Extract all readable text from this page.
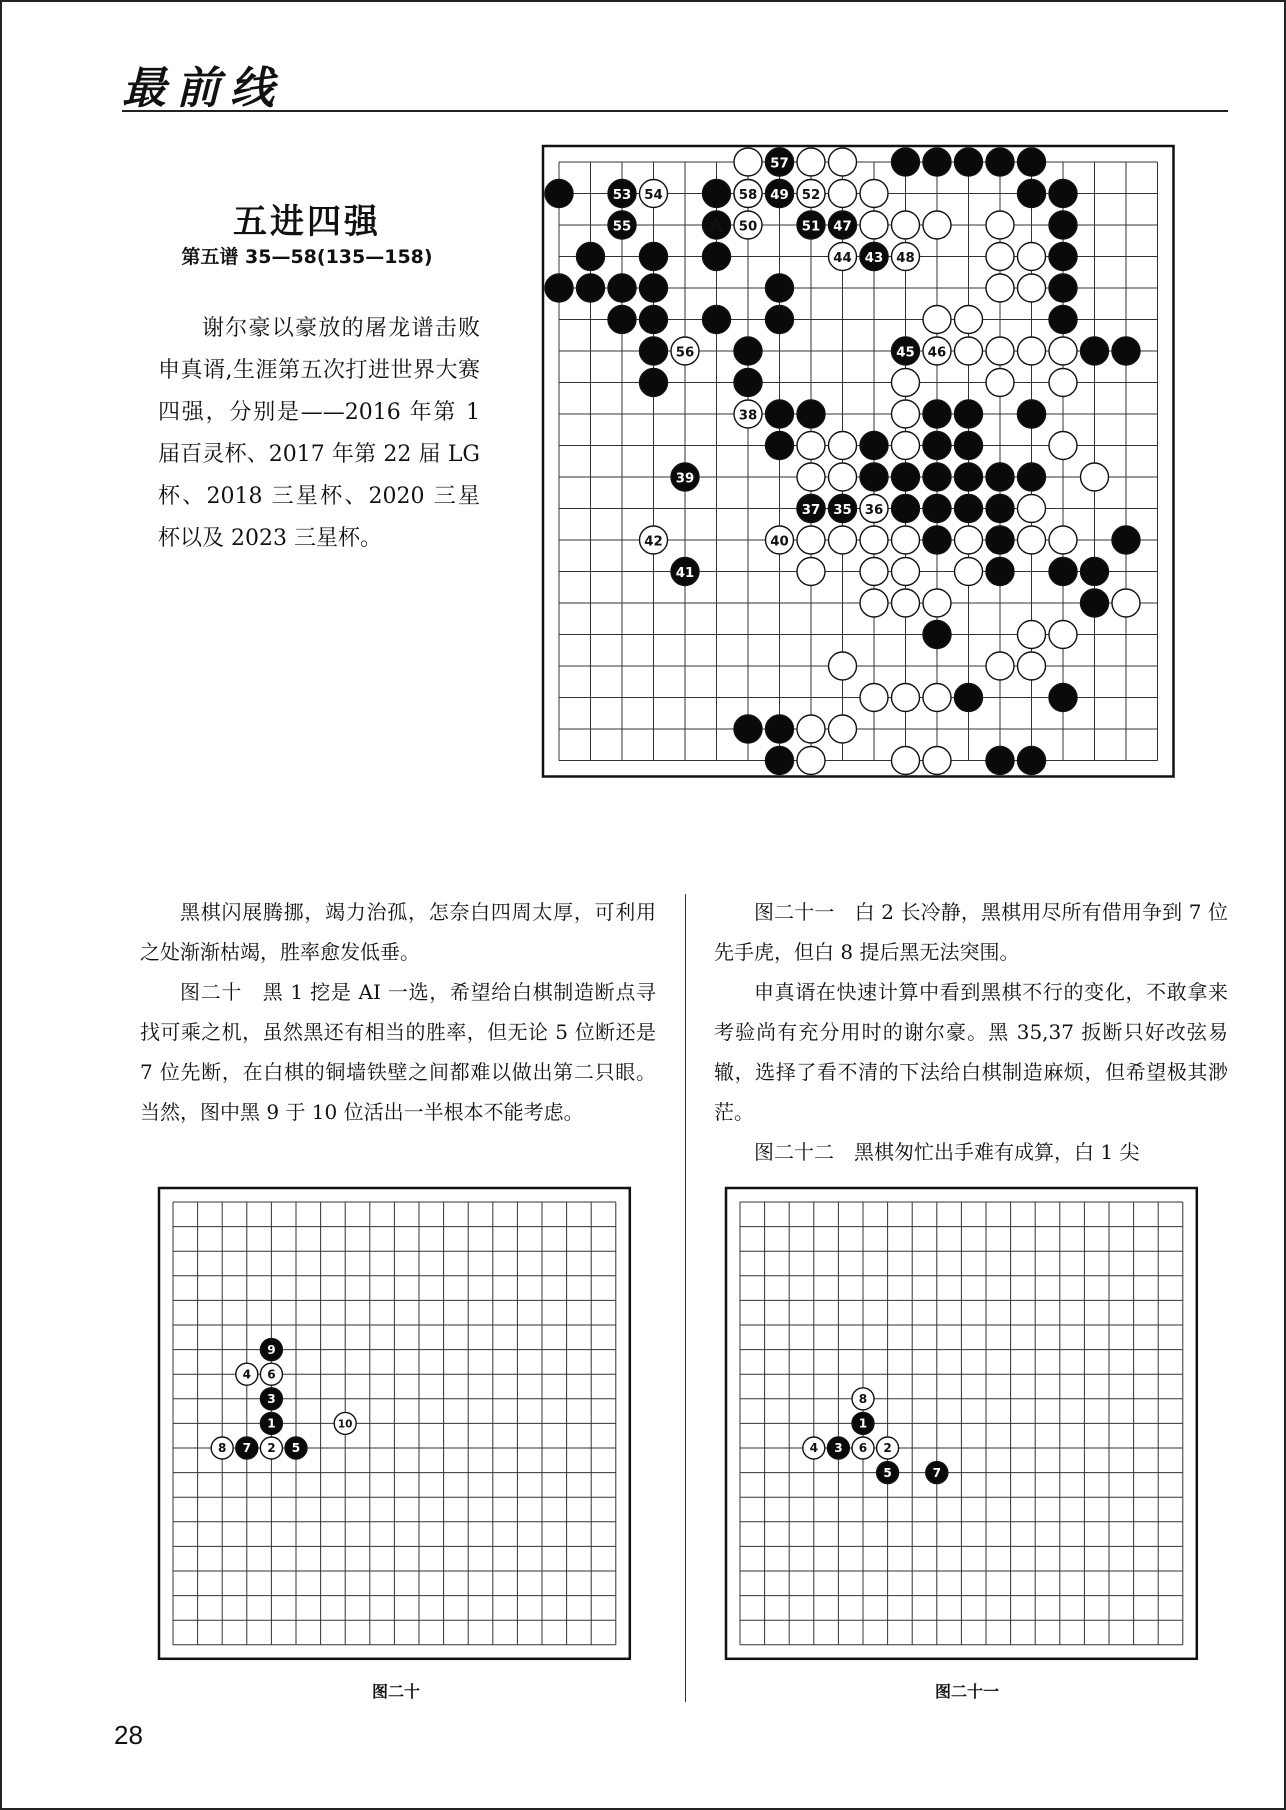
最前线
五进四强
第五谱 35—58(135—158)
谢尔豪以豪放的屠龙谱击败申真谞,生涯第五次打进世界大赛四强，分别是——2016 年第 1 届百灵杯、2017 年第 22 届 LG 杯、2018 三星杯、2020 三星杯以及 2023 三星杯。
53 54
55
58 49 52
57
50	51 47
44 43 48
56	45 46
38
39
37 35 36
42	40
41
A

黑棋闪展腾挪，竭力治孤，怎奈白四周太厚，可利用之处渐渐枯竭，胜率愈发低垂。

图二十　黑 1 挖是 AI 一选，希望给白棋制造断点寻找可乘之机，虽然黑还有相当的胜率，但无论 5 位断还是 7 位先断，在白棋的铜墙铁壁之间都难以做出第二只眼。当然，图中黑 9 于 10 位活出一半根本不能考虑。

图二十一　白 2 长冷静，黑棋用尽所有借用争到 7 位先手虎，但白 8 提后黑无法突围。

申真谞在快速计算中看到黑棋不行的变化，不敢拿来考验尚有充分用时的谢尔豪。黑 35,37 扳断只好改弦易辙，选择了看不清的下法给白棋制造麻烦，但希望极其渺茫。

图二十二　黑棋匆忙出手难有成算，白 1 尖

9
4 6
3
1	10
8 7 2 5
图二十
8
1
4 3 6 2
5	7
图二十一
28
